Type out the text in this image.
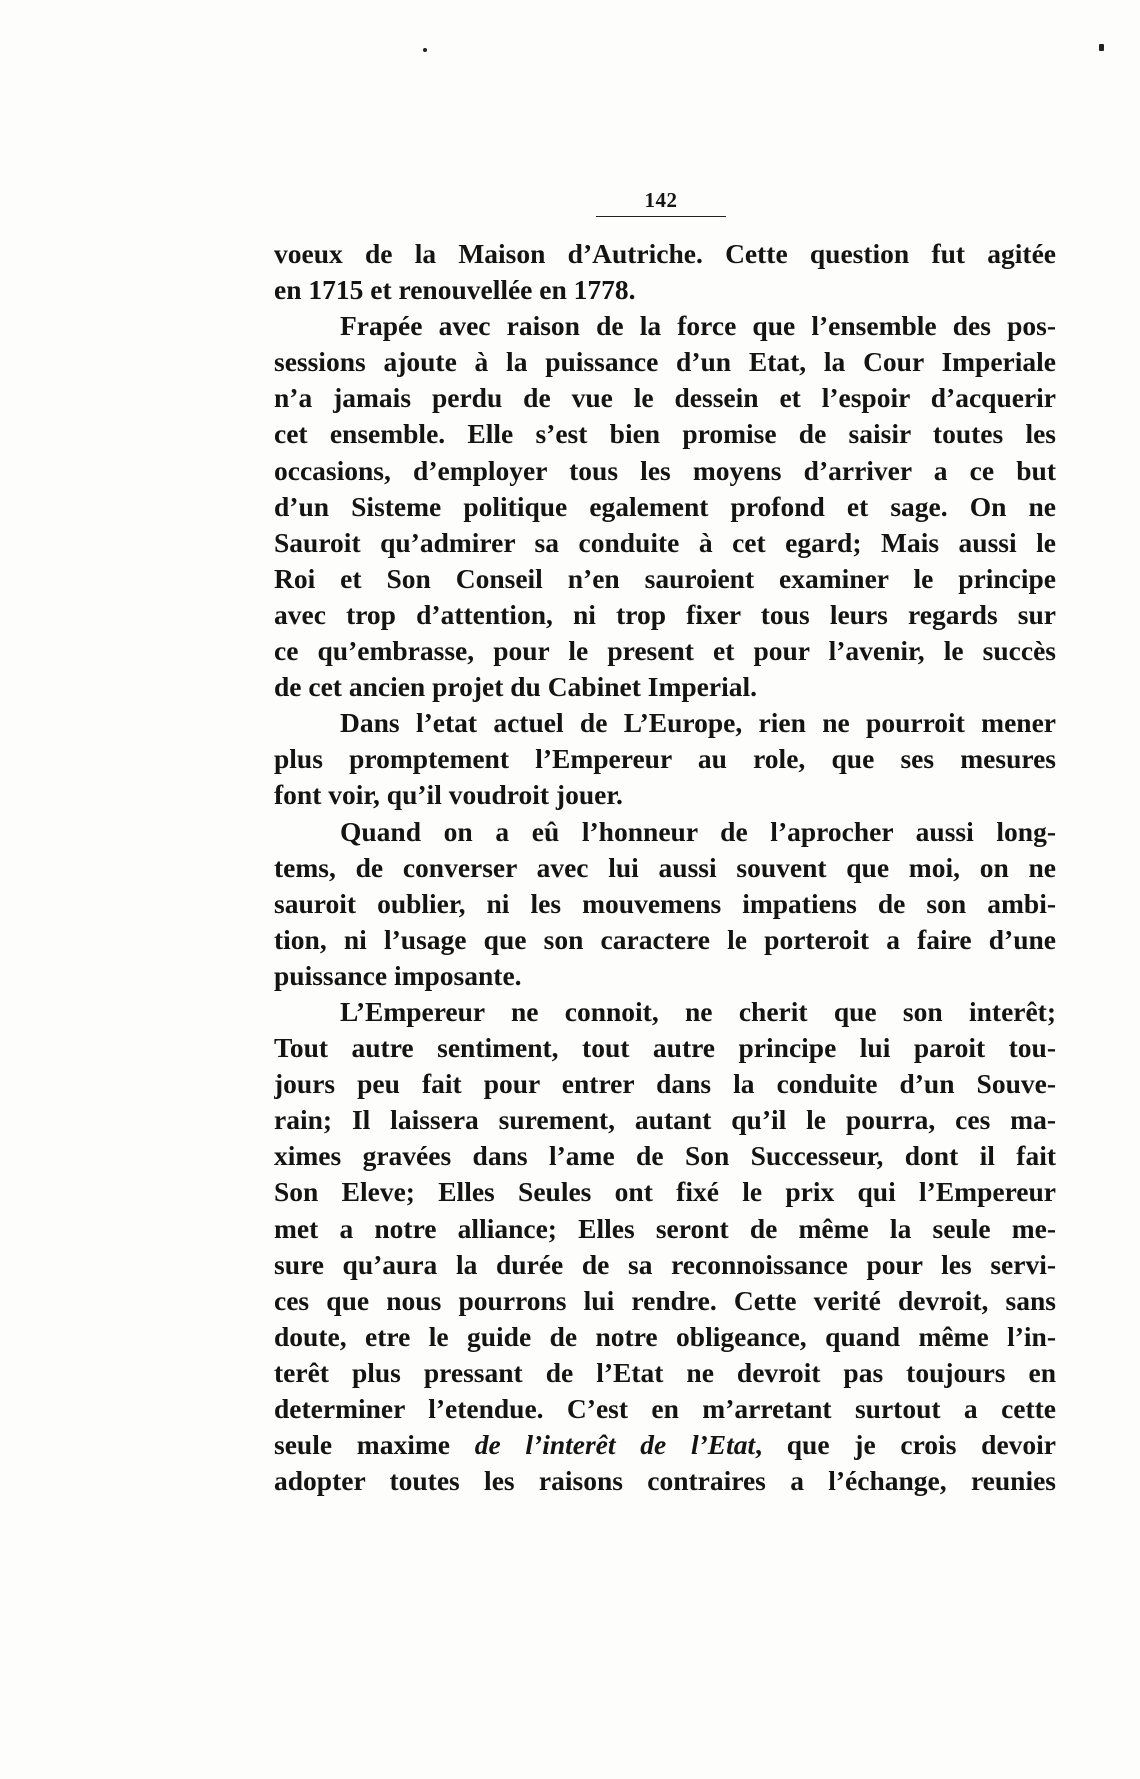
142
voeux de la Maison d’Autriche. Cette question fut agitée
en 1715 et renouvellée en 1778.
Frapée avec raison de la force que l’ensemble des pos-
sessions ajoute à la puissance d’un Etat, la Cour Imperiale
n’a jamais perdu de vue le dessein et l’espoir d’acquerir
cet ensemble. Elle s’est bien promise de saisir toutes les
occasions, d’employer tous les moyens d’arriver a ce but
d’un Sisteme politique egalement profond et sage. On ne
Sauroit qu’admirer sa conduite à cet egard; Mais aussi le
Roi et Son Conseil n’en sauroient examiner le principe
avec trop d’attention, ni trop fixer tous leurs regards sur
ce qu’embrasse, pour le present et pour l’avenir, le succès
de cet ancien projet du Cabinet Imperial.
Dans l’etat actuel de L’Europe, rien ne pourroit mener
plus promptement l’Empereur au role, que ses mesures
font voir, qu’il voudroit jouer.
Quand on a eû l’honneur de l’aprocher aussi long-
tems, de converser avec lui aussi souvent que moi, on ne
sauroit oublier, ni les mouvemens impatiens de son ambi-
tion, ni l’usage que son caractere le porteroit a faire d’une
puissance imposante.
L’Empereur ne connoit, ne cherit que son interêt;
Tout autre sentiment, tout autre principe lui paroit tou-
jours peu fait pour entrer dans la conduite d’un Souve-
rain; Il laissera surement, autant qu’il le pourra, ces ma-
ximes gravées dans l’ame de Son Successeur, dont il fait
Son Eleve; Elles Seules ont fixé le prix qui l’Empereur
met a notre alliance; Elles seront de même la seule me-
sure qu’aura la durée de sa reconnoissance pour les servi-
ces que nous pourrons lui rendre. Cette verité devroit, sans
doute, etre le guide de notre obligeance, quand même l’in-
terêt plus pressant de l’Etat ne devroit pas toujours en
determiner l’etendue. C’est en m’arretant surtout a cette
seule maxime de l’interêt de l’Etat, que je crois devoir
adopter toutes les raisons contraires a l’échange, reunies
